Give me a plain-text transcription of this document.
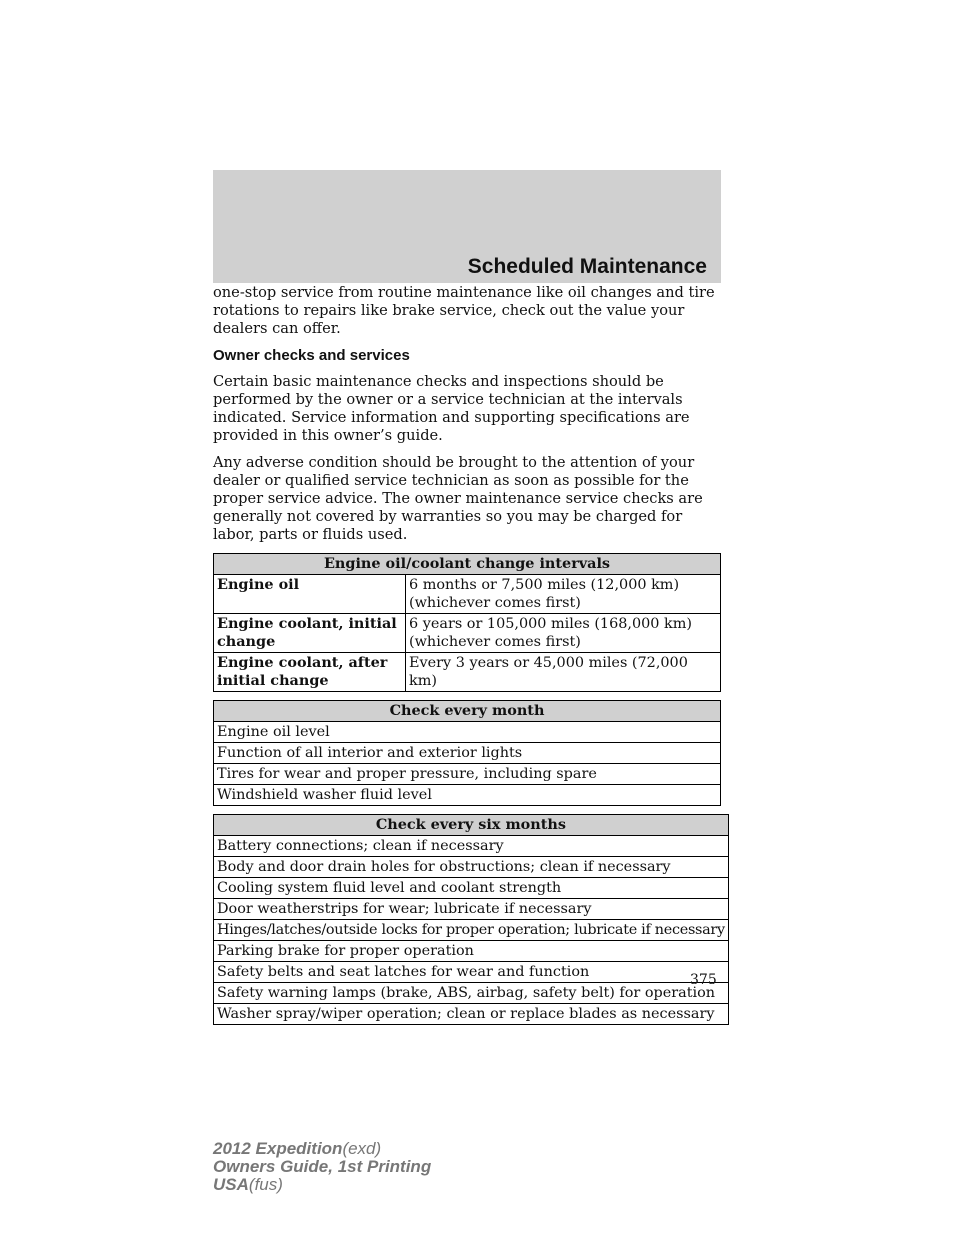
Scheduled Maintenance

one-stop service from routine maintenance like oil changes and tire rotations to repairs like brake service, check out the value your dealers can offer.

Owner checks and services

Certain basic maintenance checks and inspections should be performed by the owner or a service technician at the intervals indicated. Service information and supporting specifications are provided in this owner’s guide.

Any adverse condition should be brought to the attention of your dealer or qualified service technician as soon as possible for the proper service advice. The owner maintenance service checks are generally not covered by warranties so you may be charged for labor, parts or fluids used.

Engine oil/coolant change intervals	
Engine oil	6 months or 7,500 miles (12,000 km)
(whichever comes first)

Engine coolant, initial change	6 years or 105,000 miles (168,000 km)
(whichever comes first)

Engine coolant, after initial change	Every 3 years or 45,000 miles (72,000 km)
Check every month
Engine oil level
Function of all interior and exterior lights
Tires for wear and proper pressure, including spare
Windshield washer fluid level
Check every six months
Battery connections; clean if necessary
Body and door drain holes for obstructions; clean if necessary
Cooling system fluid level and coolant strength
Door weatherstrips for wear; lubricate if necessary
Hinges/latches/outside locks for proper operation; lubricate if necessary
Parking brake for proper operation
Safety belts and seat latches for wear and function
Safety warning lamps (brake, ABS, airbag, safety belt) for operation
Washer spray/wiper operation; clean or replace blades as necessary
375
2012 Expedition(exd)
Owners Guide, 1st Printing
USA(fus)
